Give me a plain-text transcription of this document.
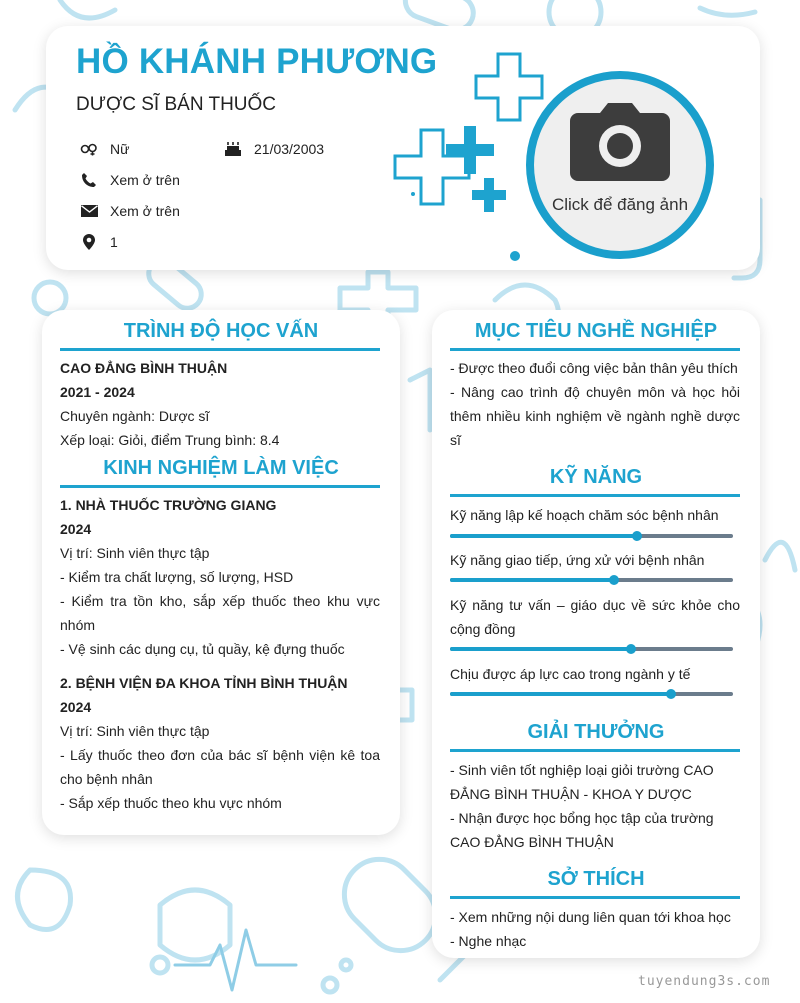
HỒ KHÁNH PHƯƠNG
DƯỢC SĨ BÁN THUỐC
Nữ	21/03/2003
Xem ở trên
Xem ở trên
1
Click để đăng ảnh
TRÌNH ĐỘ HỌC VẤN
CAO ĐẲNG BÌNH THUẬN
2021 - 2024
Chuyên ngành: Dược sĩ
Xếp loại: Giỏi, điểm Trung bình: 8.4
KINH NGHIỆM LÀM VIỆC
1. NHÀ THUỐC TRƯỜNG GIANG
2024
Vị trí: Sinh viên thực tập
- Kiểm tra chất lượng, số lượng, HSD
- Kiểm tra tồn kho, sắp xếp thuốc theo khu vực nhóm
- Vệ sinh các dụng cụ, tủ quầy, kệ đựng thuốc
2. BỆNH VIỆN ĐA KHOA TỈNH BÌNH THUẬN
2024
Vị trí: Sinh viên thực tập
- Lấy thuốc theo đơn của bác sĩ bệnh viện kê toa cho bệnh nhân
- Sắp xếp thuốc theo khu vực nhóm
MỤC TIÊU NGHỀ NGHIỆP
- Được theo đuổi công việc bản thân yêu thích
- Nâng cao trình độ chuyên môn và học hỏi thêm nhiều kinh nghiệm về ngành nghề dược sĩ
KỸ NĂNG
Kỹ năng lập kế hoạch chăm sóc bệnh nhân
Kỹ năng giao tiếp, ứng xử với bệnh nhân
Kỹ năng tư vấn – giáo dục về sức khỏe cho cộng đồng
Chịu được áp lực cao trong ngành y tế
GIẢI THƯỞNG
- Sinh viên tốt nghiệp loại giỏi trường CAO ĐẲNG BÌNH THUẬN - KHOA Y DƯỢC
- Nhận được học bổng học tập của trường CAO ĐẲNG BÌNH THUẬN
SỞ THÍCH
- Xem những nội dung liên quan tới khoa học
- Nghe nhạc
tuyendung3s.com
